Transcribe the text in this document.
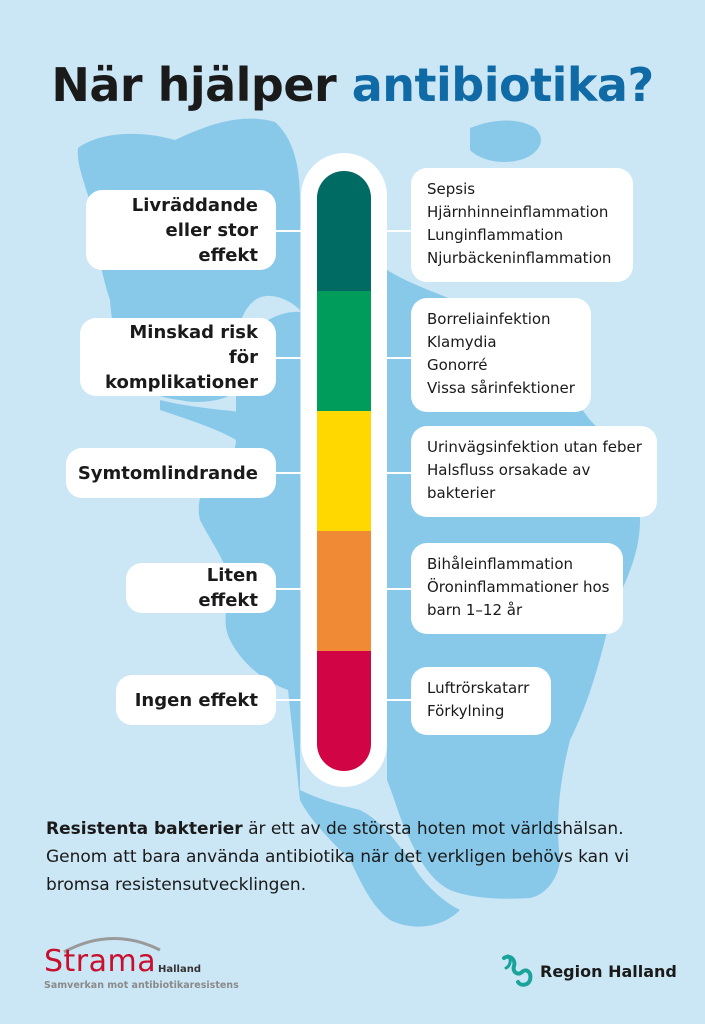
När hjälper antibiotika?
Livräddande
eller stor effekt
Minskad risk för
komplikationer
Symtomlindrande
Liten effekt
Ingen effekt
Sepsis
Hjärnhinneinflammation
Lunginflammation
Njurbäckeninflammation
Borreliainfektion
Klamydia
Gonorré
Vissa sårinfektioner
Urinvägsinfektion utan feber
Halsfluss orsakade av
bakterier
Bihåleinflammation
Öroninflammationer hos
barn 1–12 år
Luftrörskatarr
Förkylning

Resistenta bakterier är ett av de största hoten mot världshälsan. Genom att bara använda antibiotika när det verkligen behövs kan vi bromsa resistensutvecklingen.

Strama Halland
Samverkan mot antibiotikaresistens
Region Halland
